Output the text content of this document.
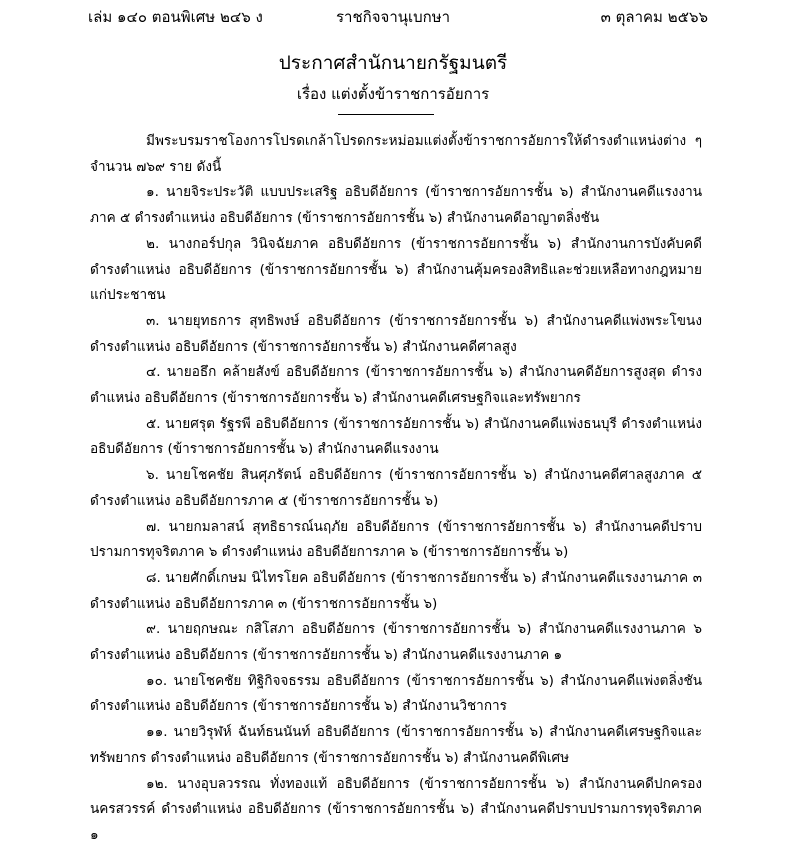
เล่ม ๑๔๐ ตอนพิเศษ ๒๔๖ ง	ราชกิจจานุเบกษา	๓ ตุลาคม ๒๕๖๖
ประกาศสำนักนายกรัฐมนตรี
เรื่อง แต่งตั้งข้าราชการอัยการ

มีพระบรมราชโองการโปรดเกล้าโปรดกระหม่อมแต่งตั้งข้าราชการอัยการให้ดำรงตำแหน่งต่าง ๆ จำนวน ๗๖๙ ราย ดังนี้

๑. นายจิระประวัติ แบบประเสริฐ อธิบดีอัยการ (ข้าราชการอัยการชั้น ๖) สำนักงานคดีแรงงานภาค ๕ ดำรงตำแหน่ง อธิบดีอัยการ (ข้าราชการอัยการชั้น ๖) สำนักงานคดีอาญาตลิ่งชัน

๒. นางกอร์ปกุล วินิจฉัยภาค อธิบดีอัยการ (ข้าราชการอัยการชั้น ๖) สำนักงานการบังคับคดี ดำรงตำแหน่ง อธิบดีอัยการ (ข้าราชการอัยการชั้น ๖) สำนักงานคุ้มครองสิทธิและช่วยเหลือทางกฎหมายแก่ประชาชน

๓. นายยุทธการ สุทธิพงษ์ อธิบดีอัยการ (ข้าราชการอัยการชั้น ๖) สำนักงานคดีแพ่งพระโขนง ดำรงตำแหน่ง อธิบดีอัยการ (ข้าราชการอัยการชั้น ๖) สำนักงานคดีศาลสูง

๔. นายอธึก คล้ายสังข์ อธิบดีอัยการ (ข้าราชการอัยการชั้น ๖) สำนักงานคดีอัยการสูงสุด ดำรงตำแหน่ง อธิบดีอัยการ (ข้าราชการอัยการชั้น ๖) สำนักงานคดีเศรษฐกิจและทรัพยากร

๕. นายศรุต รัฐรพี อธิบดีอัยการ (ข้าราชการอัยการชั้น ๖) สำนักงานคดีแพ่งธนบุรี ดำรงตำแหน่ง อธิบดีอัยการ (ข้าราชการอัยการชั้น ๖) สำนักงานคดีแรงงาน

๖. นายโชคชัย สินศุภรัตน์ อธิบดีอัยการ (ข้าราชการอัยการชั้น ๖) สำนักงานคดีศาลสูงภาค ๕ ดำรงตำแหน่ง อธิบดีอัยการภาค ๕ (ข้าราชการอัยการชั้น ๖)

๗. นายกมลาสน์ สุทธิธารณ์นฤภัย อธิบดีอัยการ (ข้าราชการอัยการชั้น ๖) สำนักงานคดีปราบปรามการทุจริตภาค ๖ ดำรงตำแหน่ง อธิบดีอัยการภาค ๖ (ข้าราชการอัยการชั้น ๖)

๘. นายศักดิ์เกษม นิไทรโยค อธิบดีอัยการ (ข้าราชการอัยการชั้น ๖) สำนักงานคดีแรงงานภาค ๓ ดำรงตำแหน่ง อธิบดีอัยการภาค ๓ (ข้าราชการอัยการชั้น ๖)

๙. นายฤกษณะ กสิโสภา อธิบดีอัยการ (ข้าราชการอัยการชั้น ๖) สำนักงานคดีแรงงานภาค ๖ ดำรงตำแหน่ง อธิบดีอัยการ (ข้าราชการอัยการชั้น ๖) สำนักงานคดีแรงงานภาค ๑

๑๐. นายโชคชัย ทิฐิกิจจธรรม อธิบดีอัยการ (ข้าราชการอัยการชั้น ๖) สำนักงานคดีแพ่งตลิ่งชัน ดำรงตำแหน่ง อธิบดีอัยการ (ข้าราชการอัยการชั้น ๖) สำนักงานวิชาการ

๑๑. นายวิรุฬห์ ฉันท์ธนนันท์ อธิบดีอัยการ (ข้าราชการอัยการชั้น ๖) สำนักงานคดีเศรษฐกิจและทรัพยากร ดำรงตำแหน่ง อธิบดีอัยการ (ข้าราชการอัยการชั้น ๖) สำนักงานคดีพิเศษ

๑๒. นางอุบลวรรณ ทั่งทองแท้ อธิบดีอัยการ (ข้าราชการอัยการชั้น ๖) สำนักงานคดีปกครองนครสวรรค์ ดำรงตำแหน่ง อธิบดีอัยการ (ข้าราชการอัยการชั้น ๖) สำนักงานคดีปราบปรามการทุจริตภาค ๑
